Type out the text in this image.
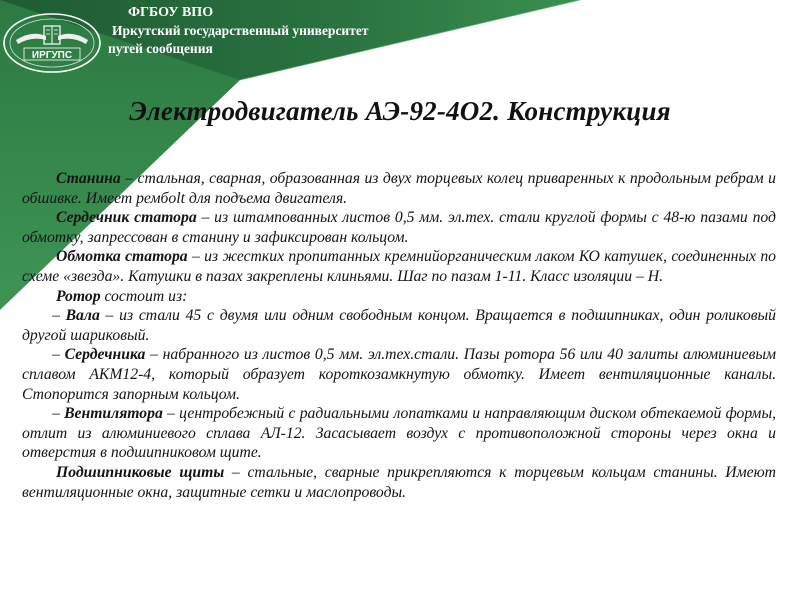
ИРГУПС
ФГБОУ ВПО
Иркутский государственный университет
путей сообщения
Электродвигатель АЭ-92-4О2. Конструкция

Станина – стальная, сварная, образованная из двух торцевых колец приваренных к продольным ребрам и обшивке. Имеет рембolt для подъема двигателя.

Сердечник статора – из штампованных листов 0,5 мм. эл.тех. стали круглой формы с 48-ю пазами под обмотку, запрессован в станину и зафиксирован кольцом.

Обмотка статора – из жестких пропитанных кремнийорганическим лаком КО катушек, соединенных по схеме «звезда». Катушки в пазах закреплены клиньями. Шаг по пазам 1-11. Класс изоляции – Н.

Ротор состоит из:

– Вала – из стали 45 с двумя или одним свободным концом. Вращается в подшипниках, один роликовый другой шариковый.

– Сердечника – набранного из листов 0,5 мм. эл.тех.стали. Пазы ротора 56 или 40 залиты алюминиевым сплавом АКМ12-4, который образует короткозамкнутую обмотку. Имеет вентиляционные каналы. Стопорится запорным кольцом.

– Вентилятора – центробежный с радиальными лопатками и направляющим диском обтекаемой формы, отлит из алюминиевого сплава АЛ-12. Засасывает воздух с противоположной стороны через окна и отверстия в подшипниковом щите.

Подшипниковые щиты – стальные, сварные прикрепляются к торцевым кольцам станины. Имеют вентиляционные окна, защитные сетки и маслопроводы.
